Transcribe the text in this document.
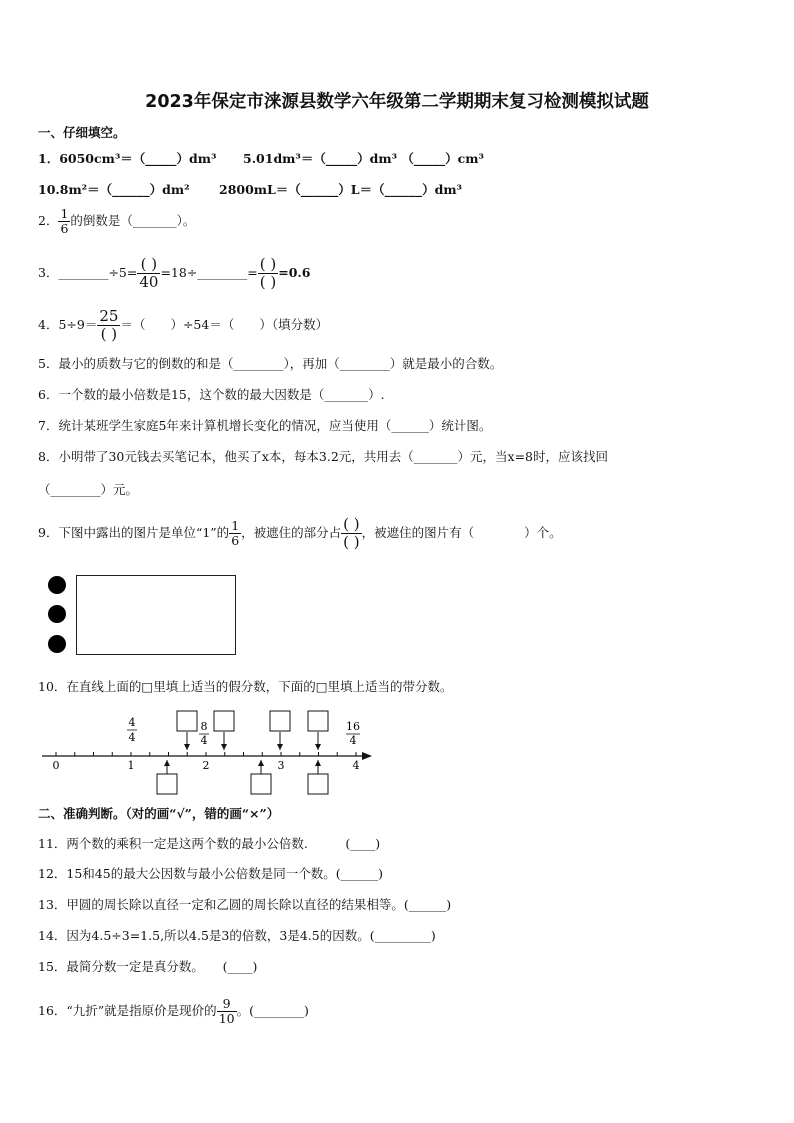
2023年保定市涞源县数学六年级第二学期期末复习检测模拟试题
一、仔细填空。
1．6050cm³＝（_____）dm³ 5.01dm³＝（_____）dm³ （_____）cm³
10.8m²＝（______）dm² 2800mL＝（______）L＝（______）dm³
2． $\frac{1}{6}$ 的倒数是（_______）。
3．________÷5= $\frac{( )}{40}$ =18÷________= $\frac{( )}{( )} =0.6$
4．$5\div 9= \frac{25}{( )}$ ＝（　　）÷54＝（　　）（填分数）
5．最小的质数与它的倒数的和是（________），再加（________）就是最小的合数。
6．一个数的最小倍数是15，这个数的最大因数是（_______）.
7．统计某班学生家庭5年来计算机增长变化的情况，应当使用（______）统计图。
8．小明带了30元钱去买笔记本，他买了x本，每本3.2元，共用去（_______）元，当x=8时，应该找回
（________）元。
9．下图中露出的图片是单位“1”的 $\frac{1}{6}$ ，被遮住的部分占 $\frac{( )}{( )}$ ，被遮住的图片有（　　　　）个。
10．在直线上面的□里填上适当的假分数，下面的□里填上适当的带分数。
0	1	2	3	4
4
4
8
4
16
4
二、准确判断。（对的画“√”，错的画“×”）
11．两个数的乘积一定是这两个数的最小公倍数.　　　(____)
12．15和45的最大公因数与最小公倍数是同一个数。(______)
13．甲圆的周长除以直径一定和乙圆的周长除以直径的结果相等。(______)
14．因为4.5÷3=1.5,所以4.5是3的倍数，3是4.5的因数。(_________)
15．最简分数一定是真分数。　　(____)
16．“九折”就是指原价是现价的 $\frac{9}{10}$ 。(________)
